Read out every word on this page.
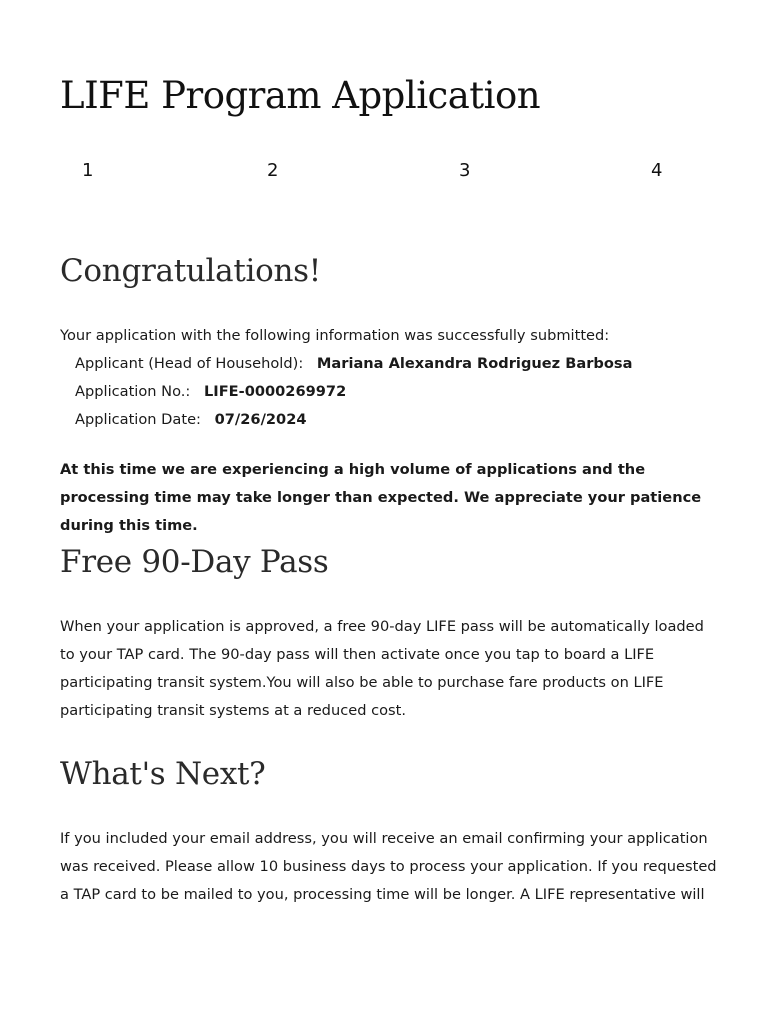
LIFE Program Application
1	2	3	4
Congratulations!

Your application with the following information was successfully submitted:

Applicant (Head of Household): Mariana Alexandra Rodriguez Barbosa
Application No.: LIFE-0000269972
Application Date: 07/26/2024

At this time we are experiencing a high volume of applications and the processing time may take longer than expected. We appreciate your patience during this time.

Free 90-Day Pass

When your application is approved, a free 90-day LIFE pass will be automatically loaded to your TAP card. The 90-day pass will then activate once you tap to board a LIFE participating transit system.You will also be able to purchase fare products on LIFE participating transit systems at a reduced cost.

What's Next?

If you included your email address, you will receive an email confirming your application was received. Please allow 10 business days to process your application. If you requested a TAP card to be mailed to you, processing time will be longer. A LIFE representative will
